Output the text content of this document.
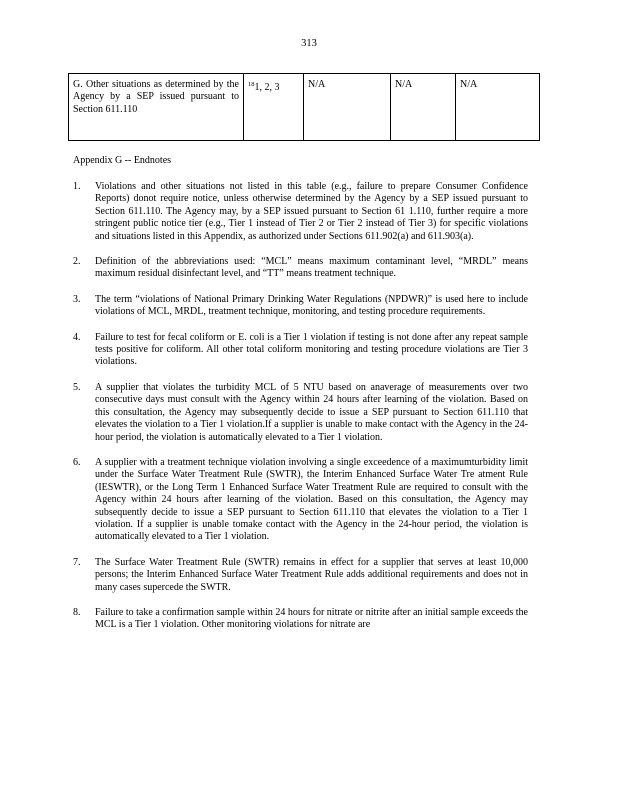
313
G. Other situations as determined by the Agency by a SEP issued pursuant to Section 611.110	$^{18}$1, 2, 3	N/A	N/A	N/A
Appendix G -- Endnotes
1.	Violations and other situations not listed in this table (e.g., failure to prepare Consumer Confidence Reports) donot require notice, unless otherwise determined by the Agency by a SEP issued pursuant to Section 611.110. The Agency may, by a SEP issued pursuant to Section 61 1.110, further require a more stringent public notice tier (e.g., Tier 1 instead of Tier 2 or Tier 2 instead of Tier 3) for specific violations and situations listed in this Appendix, as authorized under Sections 611.902(a) and 611.903(a).
2.	Definition of the abbreviations used: “MCL” means maximum contaminant level, “MRDL” means maximum residual disinfectant level, and “TT” means treatment technique.
3.	The term “violations of National Primary Drinking Water Regulations (NPDWR)” is used here to include violations of MCL, MRDL, treatment technique, monitoring, and testing procedure requirements.
4.	Failure to test for fecal coliform or E. coli is a Tier 1 violation if testing is not done after any repeat sample tests positive for coliform. All other total coliform monitoring and testing procedure violations are Tier 3 violations.
5.	A supplier that violates the turbidity MCL of 5 NTU based on anaverage of measurements over two consecutive days must consult with the Agency within 24 hours after learning of the violation. Based on this consultation, the Agency may subsequently decide to issue a SEP pursuant to Section 611.110 that elevates the violation to a Tier 1 violation.If a supplier is unable to make contact with the Agency in the 24-hour period, the violation is automatically elevated to a Tier 1 violation.
6.	A supplier with a treatment technique violation involving a single exceedence of a maximumturbidity limit under the Surface Water Treatment Rule (SWTR), the Interim Enhanced Surface Water Tre atment Rule (IESWTR), or the Long Term 1 Enhanced Surface Water Treatment Rule are required to consult with the Agency within 24 hours after learning of the violation. Based on this consultation, the Agency may subsequently decide to issue a SEP pursuant to Section 611.110 that elevates the violation to a Tier 1 violation. If a supplier is unable tomake contact with the Agency in the 24-hour period, the violation is automatically elevated to a Tier 1 violation.
7.	The Surface Water Treatment Rule (SWTR) remains in effect for a supplier that serves at least 10,000 persons; the Interim Enhanced Surface Water Treatment Rule adds additional requirements and does not in many cases supercede the SWTR.
8.	Failure to take a confirmation sample within 24 hours for nitrate or nitrite after an initial sample exceeds the MCL is a Tier 1 violation. Other monitoring violations for nitrate are
